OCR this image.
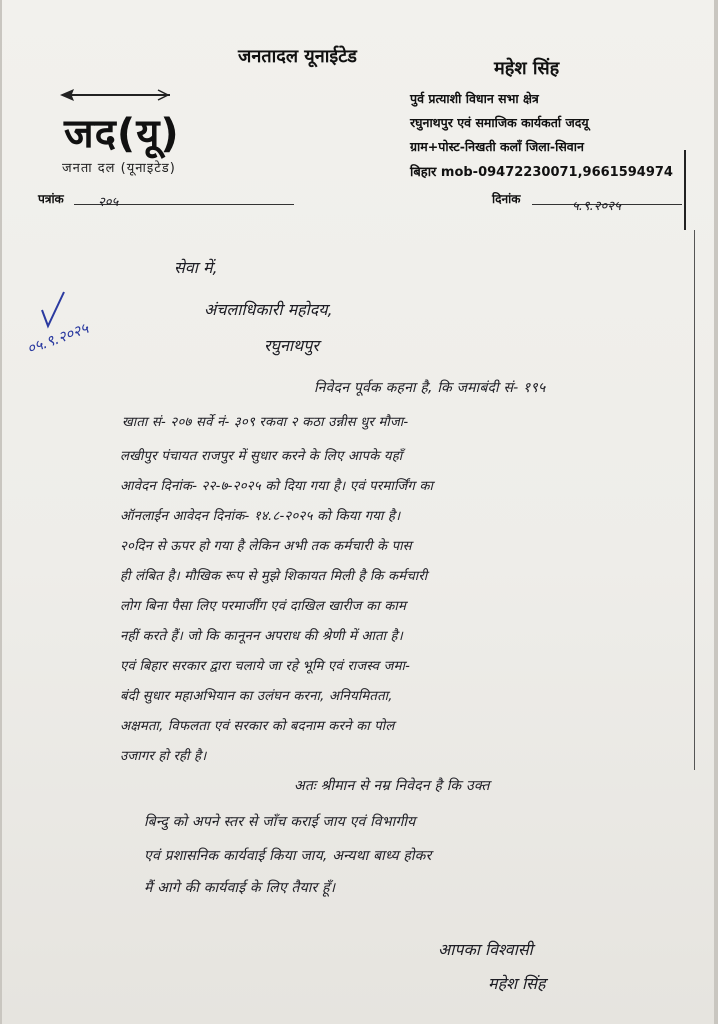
जनतादल यूनाईटेड
जद(यू)
जनता दल (यूनाइटेड)
महेश सिंह
पुर्व प्रत्याशी विधान सभा क्षेत्र
रघुनाथपुर एवं समाजिक कार्यकर्ता जदयू
ग्राम+पोस्ट-निखती कलाँ जिला-सिवान
बिहार mob-09472230071,9661594974
पत्रांक	२०५	दिनांक	५.९.२०२५
०५.९.२०२५
सेवा में,
अंचलाधिकारी महोदय,
रघुनाथपुर
निवेदन पूर्वक कहना है, कि जमाबंदी सं- १९५
खाता सं- २०७ सर्वे नं- ३०९ रकवा २ कठा उन्नीस धुर मौजा-
लखीपुर पंचायत राजपुर में सुधार करने के लिए आपके यहाँ
आवेदन दिनांक- २२-७-२०२५ को दिया गया है। एवं परमार्जिंग का
ऑनलाईन आवेदन दिनांक- १४.८-२०२५ को किया गया है।
२०दिन से ऊपर हो गया है लेकिन अभी तक कर्मचारी के पास
ही लंबित है। मौखिक रूप से मुझे शिकायत मिली है कि कर्मचारी
लोग बिना पैसा लिए परमार्जींग एवं दाखिल खारीज का काम
नहीं करते हैं। जो कि कानूनन अपराध की श्रेणी में आता है।
एवं बिहार सरकार द्वारा चलाये जा रहे भूमि एवं राजस्व जमा-
बंदी सुधार महाअभियान का उलंघन करना, अनियमितता,
अक्षमता, विफलता एवं सरकार को बदनाम करने का पोल
उजागर हो रही है।
अतः श्रीमान से नम्र निवेदन है कि उक्त
बिन्दु को अपने स्तर से जाँच कराई जाय एवं विभागीय
एवं प्रशासनिक कार्यवाई किया जाय, अन्यथा बाध्य होकर
मैं आगे की कार्यवाई के लिए तैयार हूँ।
आपका विश्वासी
महेश सिंह
